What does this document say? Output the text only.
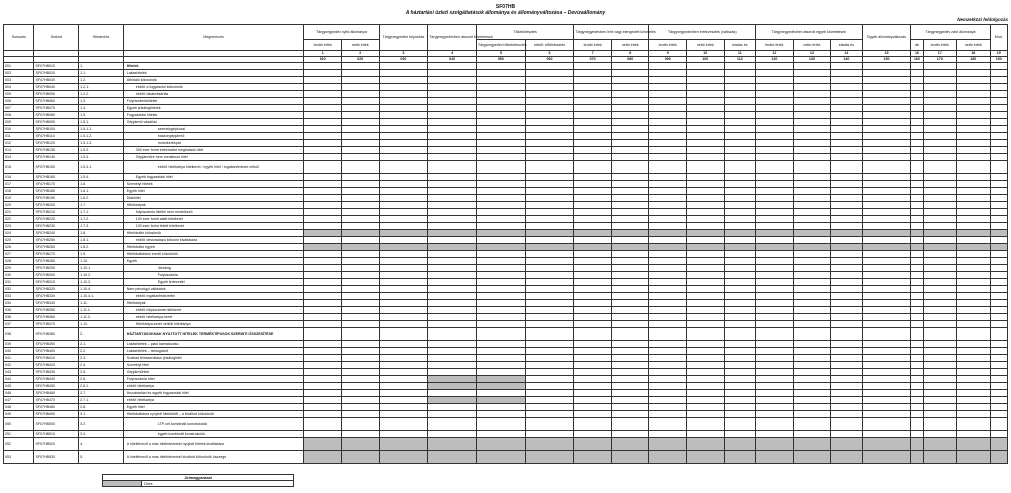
SF07HB
A háztartási üzleti szolgáltatások állománya és állományváltozása – Devizaállomány
Nemzetközi feldolgozás
Sorszám	Sorkód	Hierarchia	Megnevezés	Tárgynegyedév nyitó állománya		Tárgynegyedévi folyósítás	Tárgynegyedévben átsorolt követelések	Tőketörlesztés		Tárgynegyedévben leírt vagy elengedett követelés		Tárgynegyedévben értékvesztés (változás)			Tárgynegyedévben átsorolt egyéb követelések			Egyéb állományváltozás	Tárgynegyedév záró állománya			Mód.
				bruttó érték	nettó érték			Tárgynegyedévi tőketörlesztés	ebből: előtörlesztés	bruttó érték	nettó érték	bruttó érték	nettó érték	eladás és	bruttó érték	nettó érték	eladás és		db	bruttó érték	nettó érték	
				1	2	3	4	5	6	7	8	9	10	11	12	13	14	15	16	17	18	19
				010	020	030	040	050	060	070	080	090	100	110	120	130	140	150	160	170	180	190
001	SF07HB010	1.	Hitelek																			
002	SF07HB020	1.1.	Lakáshitelek																			
003	SF07HB030	1.2.	Áthidaló kölcsönök																			
004	SF07HB040	1.2.1.	ebből: a fogyasztói kölcsönök																			
005	SF07HB050	1.2.2.	ebből: lakásvásárlás																			
006	SF07HB060	1.3.	Folyószámlahitelek																			
007	SF07HB070	1.4.	Egyéb jelzáloghitelek																			
008	SF07HB080	1.5.	Fogyasztási hitelek																			
009	SF07HB090	1.5.1.	Gépjármű vásárlás																			
010	SF07HB100	1.5.1.1.	személygépkocsi																			
011	SF07HB110	1.5.1.2.	haszongépjármű																			
012	SF07HB120	1.5.1.3.	motorkerékpár																			
013	SF07HB130	1.5.2.	300 ezer forint értékhatárt meghaladó hitel																			
014	SF07HB140	1.5.3.	Gépjárműre nem vonatkozó hitel																			
015	SF07HB150	1.5.3.1.	ebből: hitelkártya hitelkeret / egyéb hitel / ingatlanfedezet nélkül																			
016	SF07HB160	1.5.4.	Egyéb fogyasztási hitel																			
017	SF07HB170	1.6.	Személyi hitelek																			
018	SF07HB180	1.6.1.	Egyéb hitel																			
019	SF07HB190	1.6.2.	Diákhitel																			
020	SF07HB200	1.7.	Hitelkártyák																			
021	SF07HB210	1.7.1.	folyószámla hitellel nem rendelkező																			
022	SF07HB220	1.7.2.	100 ezer forint alatti hitelkeret																			
023	SF07HB230	1.7.3.	100 ezer forint feletti hitelkeret																			
024	SF07HB240	1.8.	Hitelkiváltó kölcsönök																			
025	SF07HB250	1.8.1.	ebből: devizaalapú kölcsön kiváltására																			
026	SF07HB260	1.8.2.	Hitelkiváltó egyéb																			
027	SF07HB270	1.9.	Hitelkiváltásból eredő kölcsönök																			
028	SF07HB280	1.10.	Egyéb																			
029	SF07HB290	1.10.1.	Jelzálog																			
030	SF07HB300	1.10.2.	Folyószámla																			
031	SF07HB310	1.10.3.	Egyéb fedezettel																			
032	SF07HB320	1.10.4.	Nem pénzügyi vállalatok																			
033	SF07HB330	1.10.4.1.	ebből: ingatlanfedezettel																			
034	SF07HB340	1.11.	Hitelkártyák																			
035	SF07HB350	1.11.1.	ebből: folyószámla hitelkeret																			
036	SF07HB360	1.11.2.	ebből: hitelkártya-keret																			
037	SF07HB370	1.12.	Hitelkártya-keret nélküli hitelkártya																			
038	SF07HB380	2.	HÁZTARTÁSOKNAK NYÚJTOTT HITELEK TERMÉKTÍPUSOK SZERINTI ÖSSZESÍTÉSE																			
039	SF07HB390	2.1.	Lakáshitelek – piaci kamatozású																			
040	SF07HB400	2.2.	Lakáshitelek – támogatott																			
041	SF07HB410	2.3.	Szabad felhasználású jelzáloghitel																			
042	SF07HB420	2.4.	Személyi hitel																			
043	SF07HB430	2.5.	Gépjárműhitel																			
044	SF07HB440	2.6.	Folyószámla hitel																			
045	SF07HB450	2.6.1.	ebből: hitelkártya																			
046	SF07HB460	2.7.	Áruvásárlási és egyéb fogyasztási hitel																			
047	SF07HB470	2.7.1.	ebből: hitelkártya																			
048	SF07HB480	2.8.	Egyéb hitel																			
049	SF07HB490	3.1.	Hitelkiváltásra nyújtott hitelekből – a kiváltott kölcsönök																			
050	SF07HB500	3.2.	LTP-vel kombinált konstrukciók																			
051	SF07HB510	3.3.	egyéb kombinált konstrukciók																			
052	SF07HB520	4.	A hitelfelvevő a más hitelintézetnél nyújtott hitelek kiváltására																			
053	SF07HB530	5.	A hitelfelvevő a más hitelintézetnél kiváltott kölcsönök összege																			
Jelmagyarázat
	Üres
